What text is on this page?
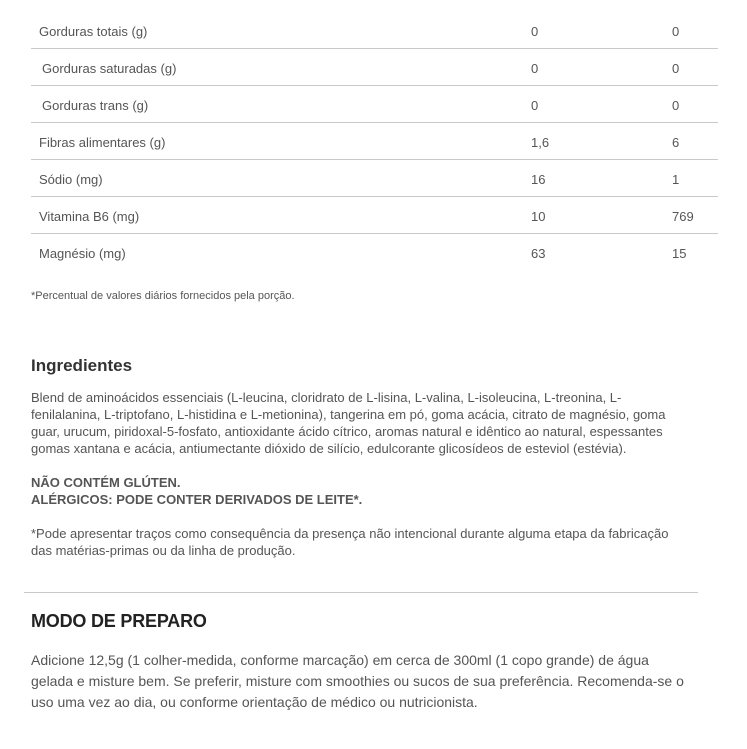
Gorduras totais (g)	0	0
Gorduras saturadas (g)	0	0
Gorduras trans (g)	0	0
Fibras alimentares (g)	1,6	6
Sódio (mg)	16	1
Vitamina B6 (mg)	10	769
Magnésio (mg)	63	15
*Percentual de valores diários fornecidos pela porção.
Ingredientes

Blend de aminoácidos essenciais (L-leucina, cloridrato de L-lisina, L-valina, L-isoleucina, L-treonina, L-
fenilalanina, L-triptofano, L-histidina e L-metionina), tangerina em pó, goma acácia, citrato de magnésio, goma
guar, urucum, piridoxal-5-fosfato, antioxidante ácido cítrico, aromas natural e idêntico ao natural, espessantes
gomas xantana e acácia, antiumectante dióxido de silício, edulcorante glicosídeos de esteviol (estévia).

NÃO CONTÉM GLÚTEN.
ALÉRGICOS: PODE CONTER DERIVADOS DE LEITE*.

*Pode apresentar traços como consequência da presença não intencional durante alguma etapa da fabricação
das matérias-primas ou da linha de produção.

MODO DE PREPARO

Adicione 12,5g (1 colher-medida, conforme marcação) em cerca de 300ml (1 copo grande) de água
gelada e misture bem. Se preferir, misture com smoothies ou sucos de sua preferência. Recomenda-se o
uso uma vez ao dia, ou conforme orientação de médico ou nutricionista.
